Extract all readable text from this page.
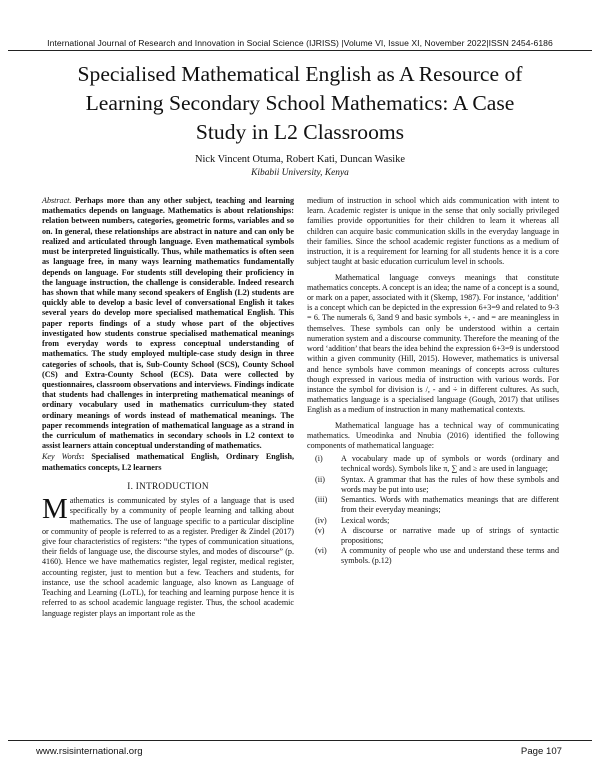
International Journal of Research and Innovation in Social Science (IJRISS) |Volume VI, Issue XI, November 2022|ISSN 2454-6186
Specialised Mathematical English as A Resource of
Learning Secondary School Mathematics: A Case
Study in L2 Classrooms
Nick Vincent Otuma, Robert Kati, Duncan Wasike
Kibabii University, Kenya

Abstract. Perhaps more than any other subject, teaching and learning mathematics depends on language. Mathematics is about relationships: relation between numbers, categories, geometric forms, variables and so on. In general, these relationships are abstract in nature and can only be realized and articulated through language. Even mathematical symbols must be interpreted linguistically. Thus, while mathematics is often seen as language free, in many ways learning mathematics fundamentally depends on language. For students still developing their proficiency in the language instruction, the challenge is considerable. Indeed research has shown that while many second speakers of English (L2) students are quickly able to develop a basic level of conversational English it takes several years do develop more specialised mathematical English. This paper reports findings of a study whose part of the objectives investigated how students construe specialised mathematical meanings from everyday words to express conceptual understanding of mathematics. The study employed multiple-case study design in three categories of schools, that is, Sub-County School (SCS), County School (CS) and Extra-County School (ECS). Data were collected by questionnaires, classroom observations and interviews. Findings indicate that students had challenges in interpreting mathematical meanings of ordinary vocabulary used in mathematics curriculum-they stated ordinary meanings of words instead of mathematical meanings. The paper recommends integration of mathematical language as a strand in the curriculum of mathematics in secondary schools in L2 context to assist learners attain conceptual understanding of mathematics.

Key Words: Specialised mathematical English, Ordinary English, mathematics concepts, L2 learners

I. INTRODUCTION

Mathematics is communicated by styles of a language that is used specifically by a community of people learning and talking about mathematics. The use of language specific to a particular discipline or community of people is referred to as a register. Prediger & Zindel (2017) give four characteristics of registers: “the types of communication situations, their fields of language use, the discourse styles, and modes of discourse” (p. 4160). Hence we have mathematics register, legal register, medical register, accounting register, just to mention but a few. Teachers and students, for instance, use the school academic language, also known as Language of Teaching and Learning (LoTL), for teaching and learning purpose hence it is referred to as school academic language register. Thus, the school academic language register plays an important role as the

medium of instruction in school which aids communication with intent to learn. Academic register is unique in the sense that only socially privileged families provide opportunities for their children to learn it whereas all children can acquire basic communication skills in the everyday language in their families. Since the school academic register functions as a medium of instruction, it is a requirement for learning for all students hence it is a core subject taught at basic education curriculum level in schools.

Mathematical language conveys meanings that constitute mathematics concepts. A concept is an idea; the name of a concept is a sound, or mark on a paper, associated with it (Skemp, 1987). For instance, ‘addition’ is a concept which can be depicted in the expression 6+3=9 and related to 9-3 = 6. The numerals 6, 3and 9 and basic symbols +, - and = are meaningless in themselves. These symbols can only be understood within a certain numeration system and a discourse community. Therefore the meaning of the word ‘addition’ that bears the idea behind the expression 6+3=9 is understood within a given community (Hill, 2015). However, mathematics is universal and hence symbols have common meanings of concepts across cultures though expressed in various media of instruction with various words. For instance the symbol for division is /, - and ÷ in different cultures. As such, mathematics language is a specialised language (Gough, 2017) that utilises English as a medium of instruction in many mathematical contexts.

Mathematical language has a technical way of communicating mathematics. Umeodinka and Nnubia (2016) identified the following components of mathematical language:

(i)	A vocabulary made up of symbols or words (ordinary and technical words). Symbols like π, ∑ and ≥ are used in language;
(ii)	Syntax. A grammar that has the rules of how these symbols and words may be put into use;
(iii)	Semantics. Words with mathematics meanings that are different from their everyday meanings;
(iv)	Lexical words;
(v)	A discourse or narrative made up of strings of syntactic propositions;
(vi)	A community of people who use and understand these terms and symbols. (p.12)
www.rsisinternational.org	Page 107
